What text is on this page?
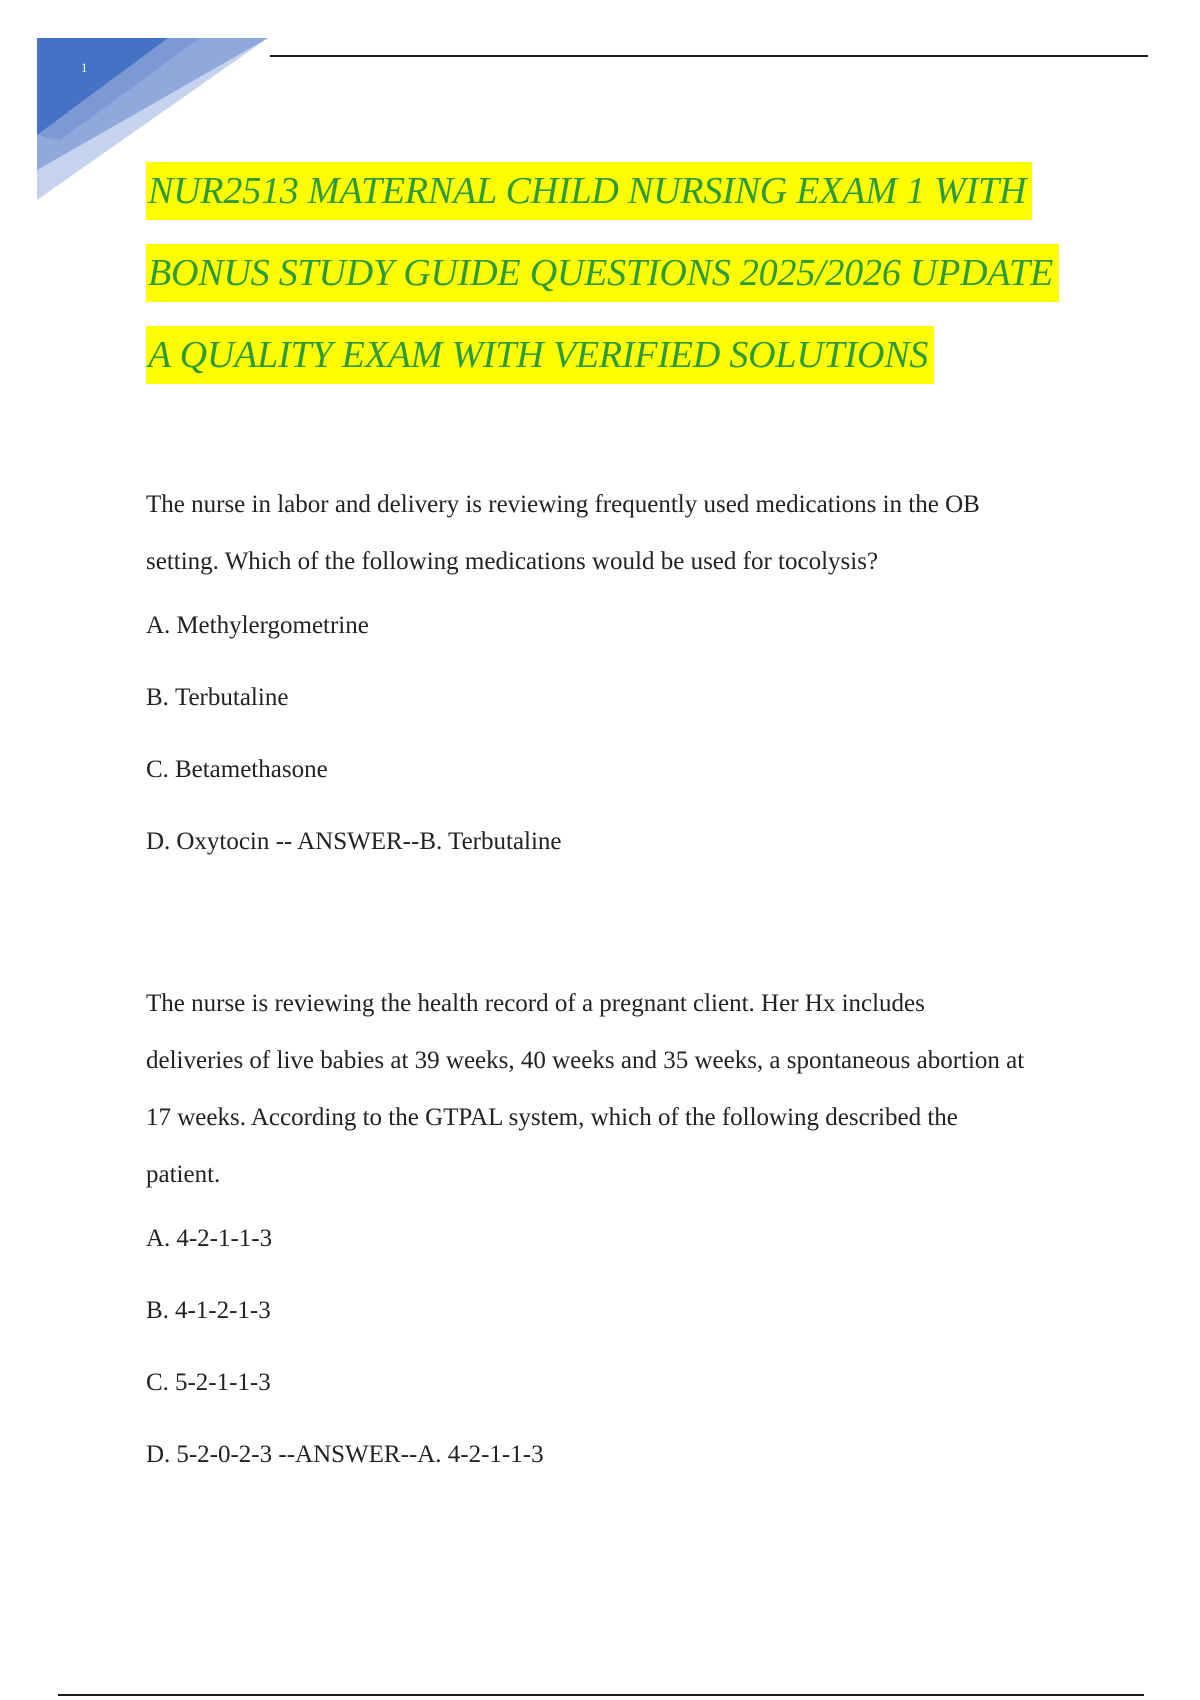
1
NUR2513 MATERNAL CHILD NURSING EXAM 1 WITH
BONUS STUDY GUIDE QUESTIONS 2025/2026 UPDATE
A QUALITY EXAM WITH VERIFIED SOLUTIONS

The nurse in labor and delivery is reviewing frequently used medications in the OB

setting. Which of the following medications would be used for tocolysis?

A. Methylergometrine
B. Terbutaline
C. Betamethasone
D. Oxytocin -- ANSWER--B. Terbutaline

The nurse is reviewing the health record of a pregnant client. Her Hx includes

deliveries of live babies at 39 weeks, 40 weeks and 35 weeks, a spontaneous abortion at

17 weeks. According to the GTPAL system, which of the following described the

patient.

A. 4-2-1-1-3
B. 4-1-2-1-3
C. 5-2-1-1-3
D. 5-2-0-2-3 --ANSWER--A. 4-2-1-1-3
